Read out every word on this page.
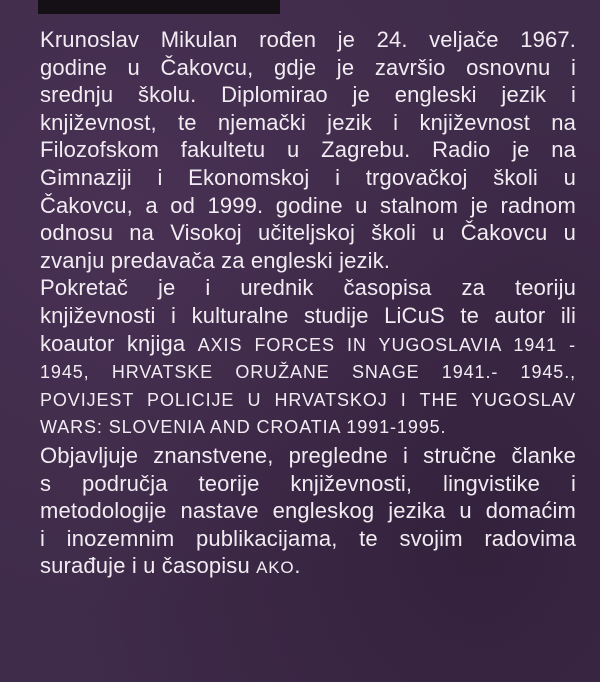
Krunoslav Mikulan rođen je 24. veljače 1967.
godine u Čakovcu, gdje je završio osnovnu i
srednju školu. Diplomirao je engleski jezik i
književnost, te njemački jezik i književnost na
Filozofskom fakultetu u Zagrebu. Radio je na
Gimnaziji i Ekonomskoj i trgovačkoj školi u
Čakovcu, a od 1999. godine u stalnom je radnom
odnosu na Visokoj učiteljskoj školi u Čakovcu u
zvanju predavača za engleski jezik.
Pokretač je i urednik časopisa za teoriju
književnosti i kulturalne studije LiCuS te autor ili
koautor knjiga AXIS FORCES IN YUGOSLAVIA 1941 -
1945, HRVATSKE ORUŽANE SNAGE 1941.- 1945.,
POVIJEST POLICIJE U HRVATSKOJ I THE YUGOSLAV
WARS: SLOVENIA AND CROATIA 1991-1995.
Objavljuje znanstvene, pregledne i stručne članke
s područja teorije književnosti, lingvistike i
metodologije nastave engleskog jezika u domaćim
i inozemnim publikacijama, te svojim radovima
surađuje i u časopisu AKO.
